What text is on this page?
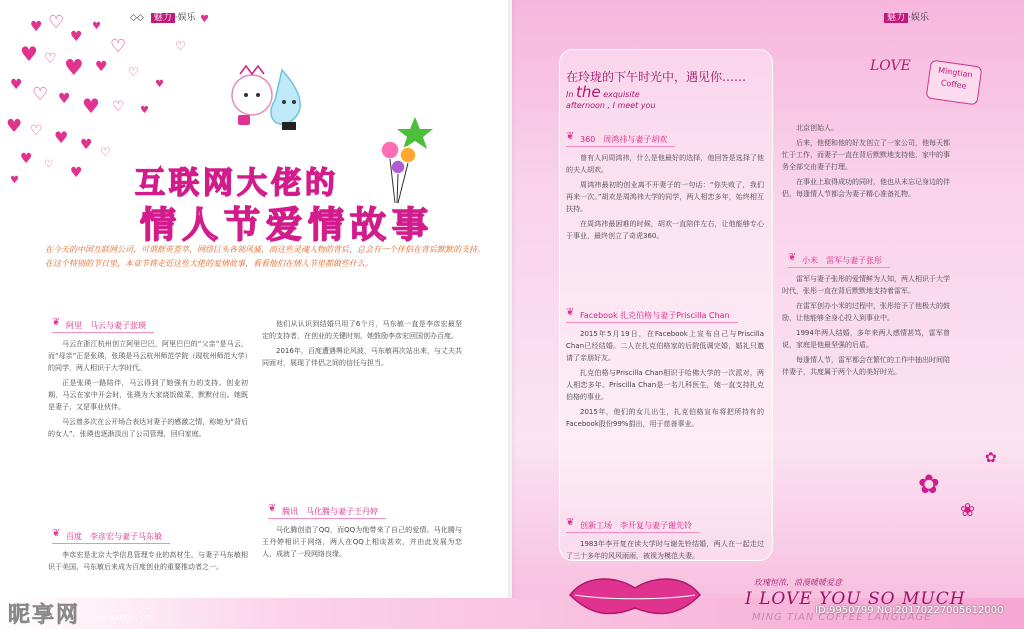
♥ ♡
♥
♥
♡
♥ ♡ ♥ ♥ ♡
♥ ♡ ♥ ♥ ♡ ♥
♥ ♡ ♥ ♥ ♡
♥ ♡
♥
♥
♥
♡
♥
◇◇ 魅力 ·娱乐
互联网大佬的
情人节爱情故事
在今天的中国互联网公司，可谓群英荟萃，网络巨头各领风骚，而这些灵魂人物的背后，总会有一个伴侣在背后默默的支持。在这个特别的节日里，本章节将走近这些大佬的爱情故事，看看他们在情人节里都做些什么。
❦ 阿里　马云与妻子张瑛

马云在浙江杭州创立阿里巴巴，阿里巴巴的“父亲”是马云，而“母亲”正是张瑛，张瑛是马云杭州师范学院（现杭州师范大学）的同学，两人相识于大学时代。

正是张瑛一路陪伴，马云得到了她强有力的支持。创业初期，马云在家中开会时，张瑛为大家烧饭做菜，默默付出。她既是妻子，又是事业伙伴。

马云曾多次在公开场合表达对妻子的感激之情，称她为“背后的女人”，张瑛也逐渐淡出了公司管理，回归家庭。

❦ 百度　李彦宏与妻子马东敏

李彦宏是北京大学信息管理专业的高材生，与妻子马东敏相识于美国，马东敏后来成为百度创业的重要推动者之一。

他们从认识到结婚只用了6个月，马东敏一直是李彦宏最坚定的支持者，在创业的关键时刻，她鼓励李彦宏回国创办百度。

2016年，百度遭遇舆论风波，马东敏再次站出来，与丈夫共同面对，展现了伴侣之间的信任与担当。

❦ 腾讯　马化腾与妻子王丹婷

马化腾创造了QQ，而QQ为他带来了自己的爱情。马化腾与王丹婷相识于网络，两人在QQ上相谈甚欢，并由此发展为恋人，成就了一段网络良缘。

魅力 ·娱乐
在玲珑的下午时光中，遇见你……
In the exquisite
afternoon , I meet you
LOVE	Mingtian Coffee
❦ 360　周鸿祎与妻子胡欢

曾有人问周鸿祎，什么是他最好的选择，他回答是选择了他的夫人胡欢。

周鸿祎最初的创业离不开妻子的一句话：“你失败了，我们再来一次。”胡欢是周鸿祎大学的同学，两人相恋多年，始终相互扶持。

在周鸿祎最困难的时候，胡欢一直陪伴左右，让他能够专心于事业，最终创立了奇虎360。

❦ Facebook 扎克伯格与妻子Priscilla Chan

2015年5月19日，在Facebook上宣布自己与Priscilla Chan已经结婚。二人在扎克伯格家的后院低调完婚，婚礼只邀请了亲朋好友。

扎克伯格与Priscilla Chan相识于哈佛大学的一次派对，两人相恋多年。Priscilla Chan是一名儿科医生，她一直支持扎克伯格的事业。

2015年，他们的女儿出生，扎克伯格宣布将把所持有的Facebook股份99%捐出，用于慈善事业。

❦ 创新工场　李开复与妻子谢先铃

1983年李开复在读大学时与谢先铃结婚，两人在一起走过了三十多年的风风雨雨，被视为模范夫妻。

北京创始人。

后来，他便和他的好友创立了一家公司，他每天都忙于工作，而妻子一直在背后默默地支持他，家中的事务全部交由妻子打理。

在事业上取得成功的同时，他也从未忘记身边的伴侣，每逢情人节都会为妻子精心准备礼物。

❦ 小米　雷军与妻子张彤

雷军与妻子张彤的爱情鲜为人知，两人相识于大学时代，张彤一直在背后默默地支持着雷军。

在雷军创办小米的过程中，张彤给予了他极大的鼓励，让他能够全身心投入到事业中。

1994年两人结婚，多年来两人感情甚笃，雷军曾说，家庭是他最坚强的后盾。

每逢情人节，雷军都会在繁忙的工作中抽出时间陪伴妻子，共度属于两个人的美好时光。

✿
❀
✿
玫瑰恒浓，浪漫暖暖爱意
I LOVE YOU SO MUCH
MING TIAN COFFEE LANGUAGE
昵享网 www.nipic.cn
ID:9950799 NO:20170227005612000
